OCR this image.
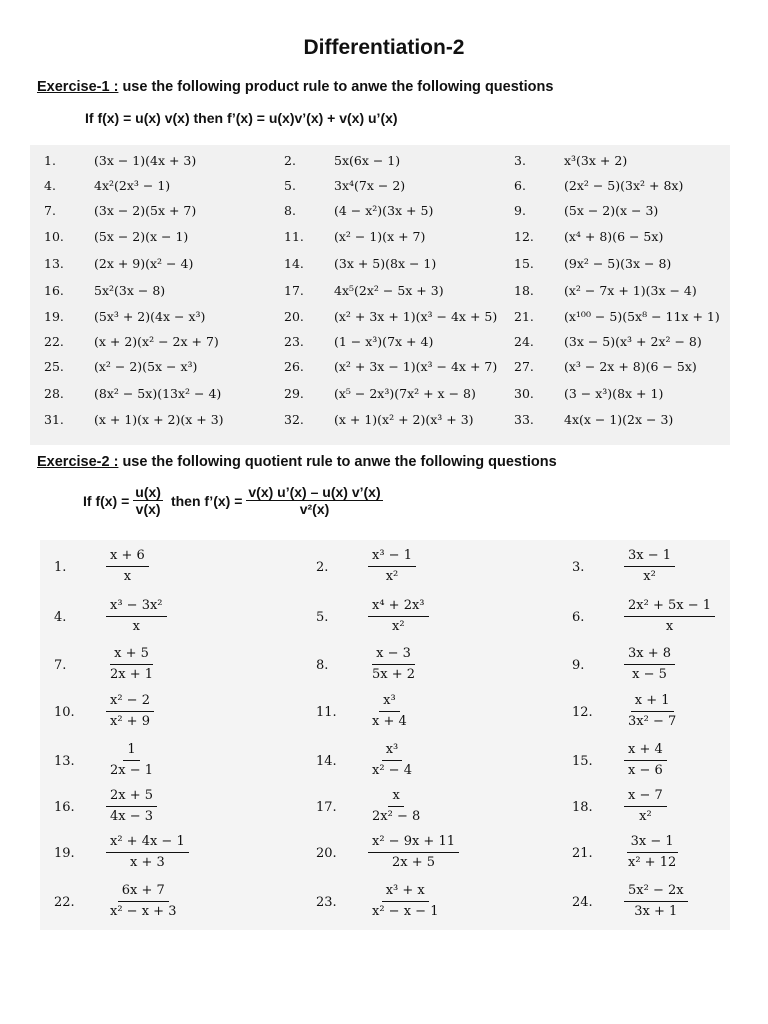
Differentiation-2
Exercise-1 : use the following product rule to anwe the following questions
If f(x) = u(x) v(x) then f’(x) = u(x)v’(x) + v(x) u’(x)
1.	(3x − 1)(4x + 3)	2.	5x(6x − 1)	3.	x³(3x + 2)
4.	4x²(2x³ − 1)	5.	3x⁴(7x − 2)	6.	(2x² − 5)(3x² + 8x)
7.	(3x − 2)(5x + 7)	8.	(4 − x²)(3x + 5)	9.	(5x − 2)(x − 3)
10.	(5x − 2)(x − 1)	11.	(x² − 1)(x + 7)	12.	(x⁴ + 8)(6 − 5x)
13.	(2x + 9)(x² − 4)	14.	(3x + 5)(8x − 1)	15.	(9x² − 5)(3x − 8)
16.	5x²(3x − 8)	17.	4x⁵(2x² − 5x + 3)	18.	(x² − 7x + 1)(3x − 4)
19.	(5x³ + 2)(4x − x³)	20.	(x² + 3x + 1)(x³ − 4x + 5) 21.	(x¹⁰⁰ − 5)(5x⁸ − 11x + 1)
22.	(x + 2)(x² − 2x + 7)	23.	(1 − x³)(7x + 4)	24.	(3x − 5)(x³ + 2x² − 8)
25.	(x² − 2)(5x − x³)	26.	(x² + 3x − 1)(x³ − 4x + 7) 27.	(x³ − 2x + 8)(6 − 5x)
28.	(8x² − 5x)(13x² − 4)	29.	(x⁵ − 2x³)(7x² + x − 8)	30.	(3 − x³)(8x + 1)
31.	(x + 1)(x + 2)(x + 3)	32.	(x + 1)(x² + 2)(x³ + 3)	33.	4x(x − 1)(2x − 3)
Exercise-2 : use the following quotient rule to anwe the following questions
If $f(x) = \frac{u(x)}{v(x)}$ then f’(x) = $\frac{v(x) u’(x) - u(x) v’(x)}{\text{v²(x)}}$
1.	$\frac{x + 6}{x}$	2.	$\frac{\text{x³ − 1}}{\text{x²}}$	3.	$\frac{3x - 1}{\text{x²}}$
4.	$\frac{\text{x³ − 3x²}}{x}$	5.	$\frac{\text{x⁴ + 2x³}}{\text{x²}}$	6.	$\frac{\text{2x² + 5x − 1}}{x}$
7.	$\frac{x + 5}{2x + 1}$	8.	$\frac{x - 3}{5x + 2}$	9.	$\frac{3x + 8}{x - 5}$
10. $\frac{\text{x² − 2}}{\text{x² + 9}}$	11. $\frac{\text{x³}}{x + 4}$	12. $\frac{x + 1}{\text{3x² − 7}}$
13. $\frac{1}{2x - 1}$	14. $\frac{\text{x³}}{\text{x² − 4}}$	15. $\frac{x + 4}{x - 6}$
16. $\frac{2x + 5}{4x - 3}$	17. $\frac{x}{\text{2x² − 8}}$	18. $\frac{x - 7}{\text{x²}}$
19. $\frac{\text{x² + 4x − 1}}{x + 3}$	20. $\frac{\text{x² − 9x + 11}}{2x + 5}$	21. $\frac{3x - 1}{\text{x² + 12}}$
22. $\frac{6x + 7}{\text{x² − x + 3}}$	23. $\frac{\text{x³ + x}}{\text{x² − x − 1}}$	24. $\frac{\text{5x² − 2x}}{3x + 1}$
